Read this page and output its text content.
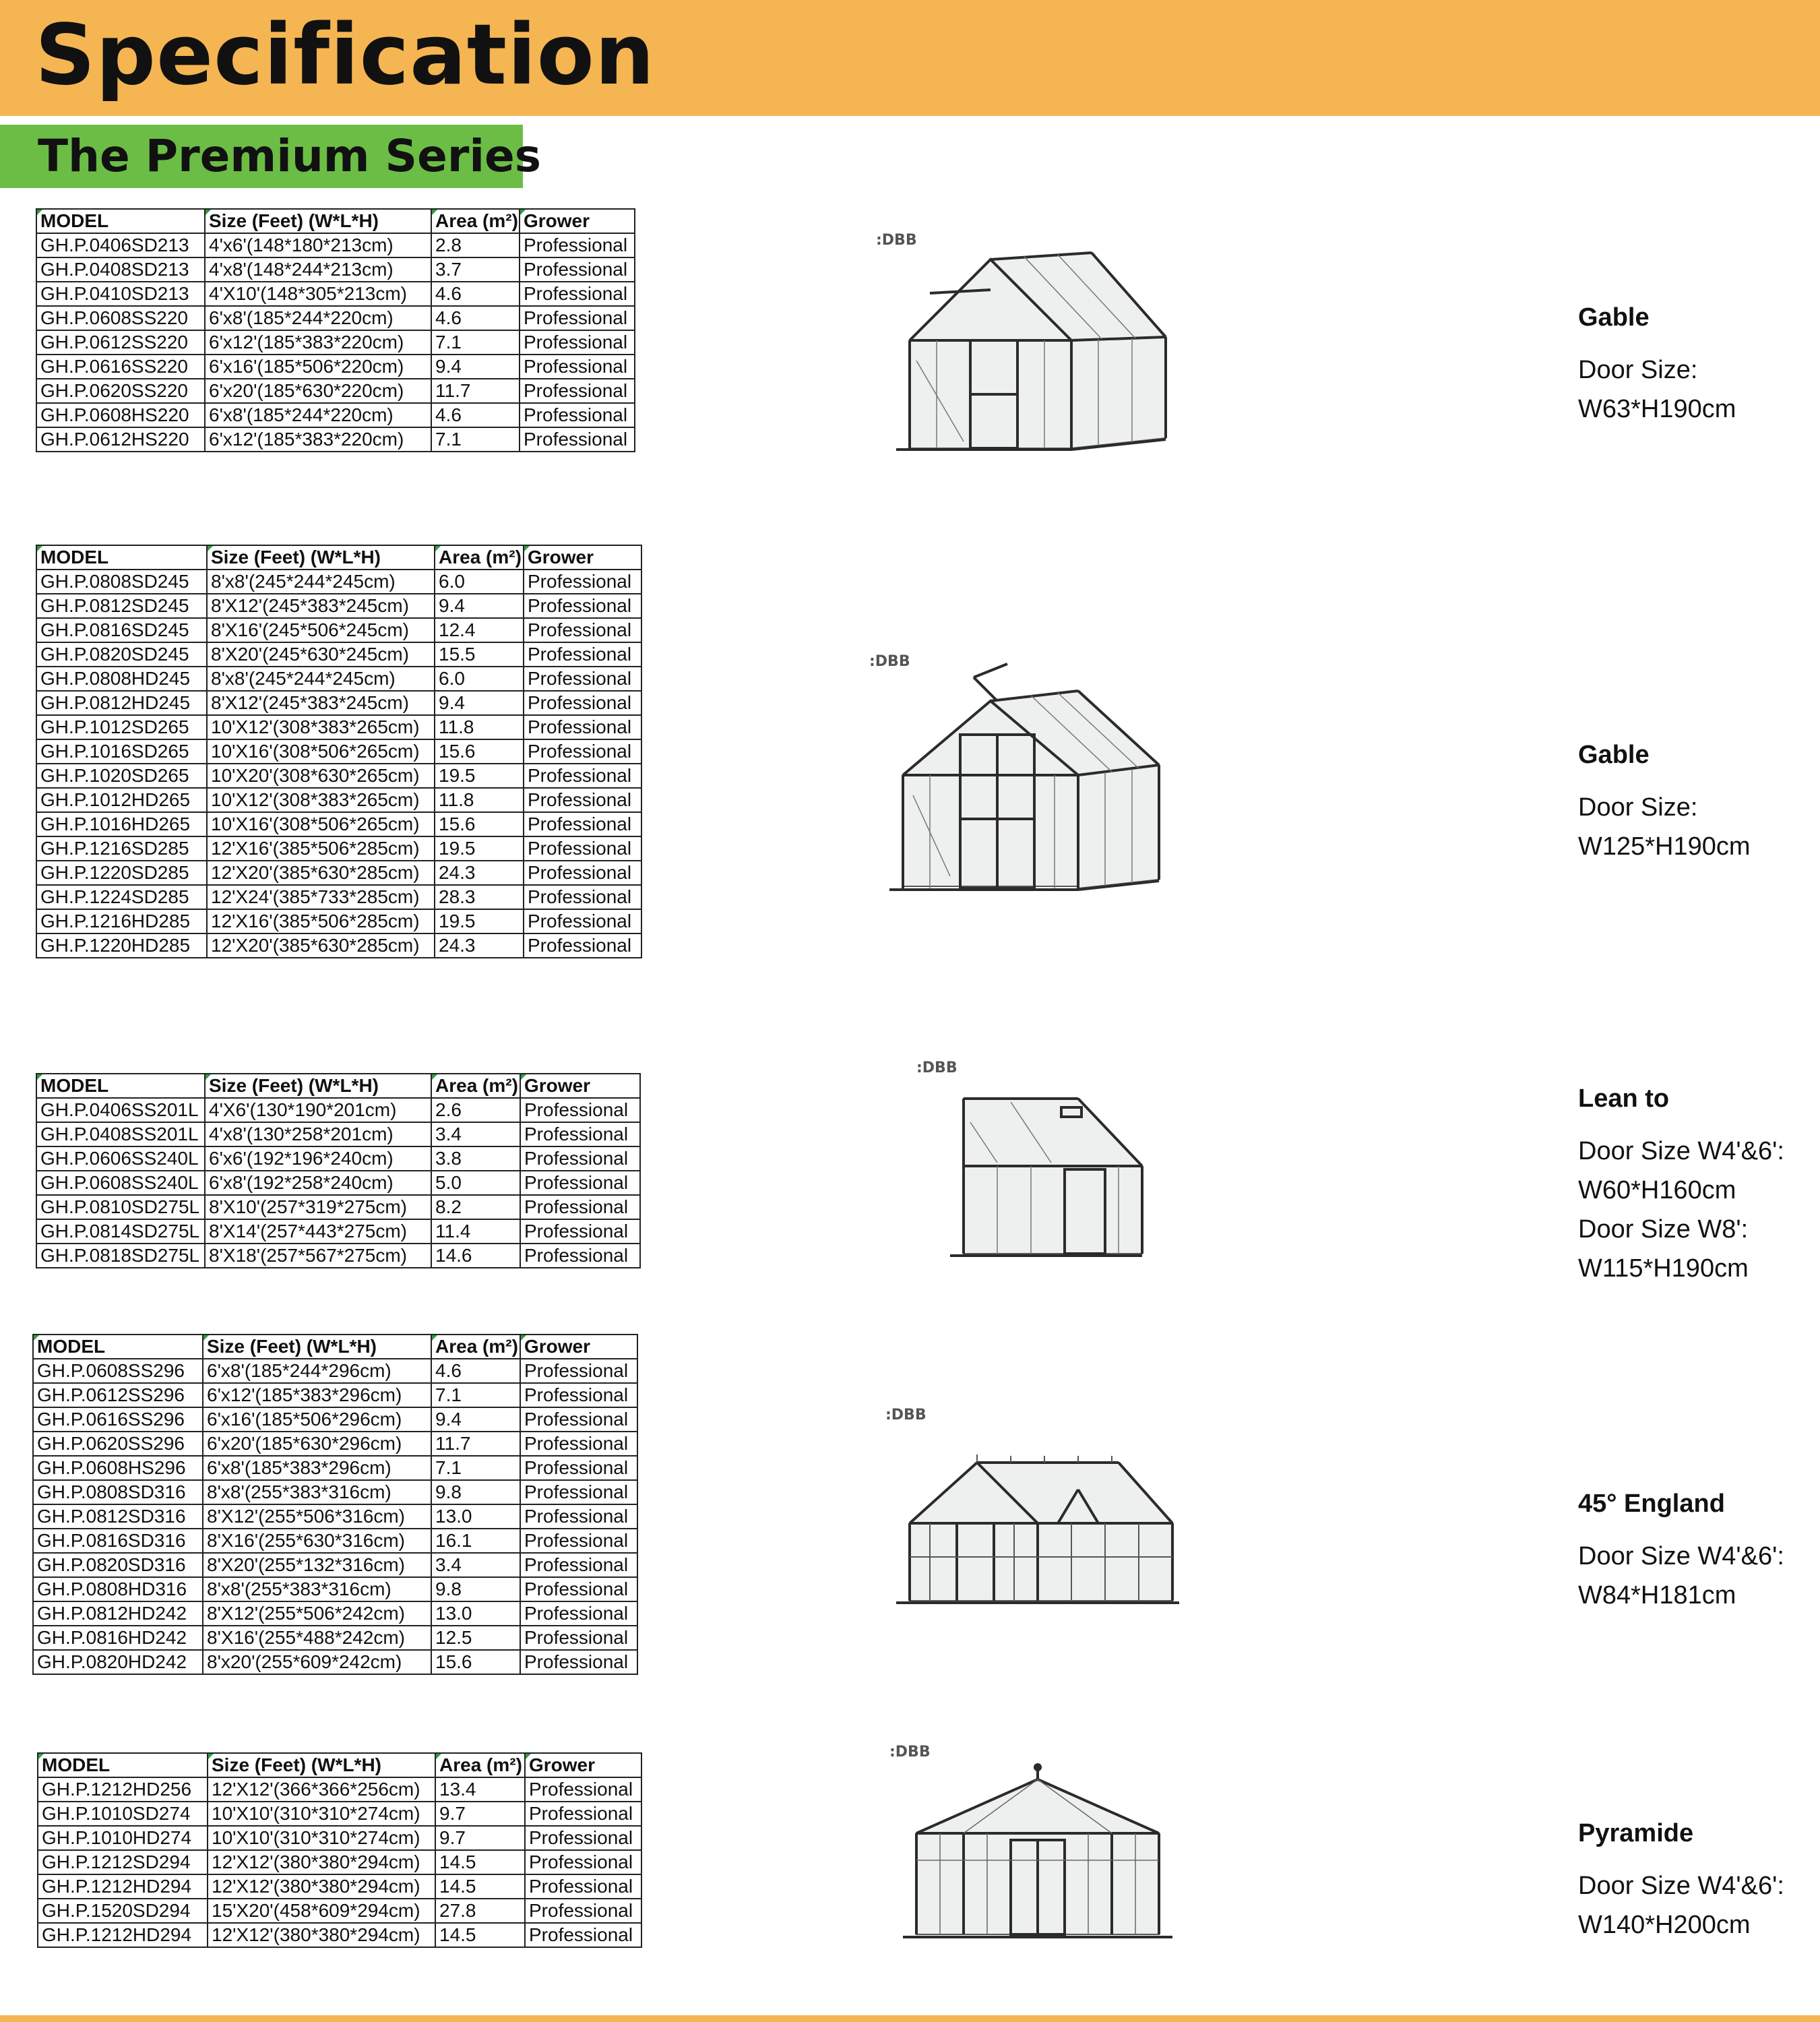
Specification
The Premium Series
MODEL	Size (Feet) (W*L*H)	Area (m²)	Grower

GH.P.0406SD213	4'x6'(148*180*213cm)	2.8	Professional
GH.P.0408SD213	4'x8'(148*244*213cm)	3.7	Professional
GH.P.0410SD213	4'X10'(148*305*213cm)	4.6	Professional
GH.P.0608SS220	6'x8'(185*244*220cm)	4.6	Professional
GH.P.0612SS220	6'x12'(185*383*220cm)	7.1	Professional
GH.P.0616SS220	6'x16'(185*506*220cm)	9.4	Professional
GH.P.0620SS220	6'x20'(185*630*220cm)	11.7	Professional
GH.P.0608HS220	6'x8'(185*244*220cm)	4.6	Professional
GH.P.0612HS220	6'x12'(185*383*220cm)	7.1	Professional
:DBB
Gable
Door Size:
W63*H190cm
MODEL	Size (Feet) (W*L*H)	Area (m²)	Grower

GH.P.0808SD245	8'x8'(245*244*245cm)	6.0	Professional
GH.P.0812SD245	8'X12'(245*383*245cm)	9.4	Professional
GH.P.0816SD245	8'X16'(245*506*245cm)	12.4	Professional
GH.P.0820SD245	8'X20'(245*630*245cm)	15.5	Professional
GH.P.0808HD245	8'x8'(245*244*245cm)	6.0	Professional
GH.P.0812HD245	8'X12'(245*383*245cm)	9.4	Professional
GH.P.1012SD265	10'X12'(308*383*265cm)	11.8	Professional
GH.P.1016SD265	10'X16'(308*506*265cm)	15.6	Professional
GH.P.1020SD265	10'X20'(308*630*265cm)	19.5	Professional
GH.P.1012HD265	10'X12'(308*383*265cm)	11.8	Professional
GH.P.1016HD265	10'X16'(308*506*265cm)	15.6	Professional
GH.P.1216SD285	12'X16'(385*506*285cm)	19.5	Professional
GH.P.1220SD285	12'X20'(385*630*285cm)	24.3	Professional
GH.P.1224SD285	12'X24'(385*733*285cm)	28.3	Professional
GH.P.1216HD285	12'X16'(385*506*285cm)	19.5	Professional
GH.P.1220HD285	12'X20'(385*630*285cm)	24.3	Professional
:DBB
Gable
Door Size:
W125*H190cm
MODEL	Size (Feet) (W*L*H)	Area (m²)	Grower

GH.P.0406SS201L	4'X6'(130*190*201cm)	2.6	Professional
GH.P.0408SS201L	4'x8'(130*258*201cm)	3.4	Professional
GH.P.0606SS240L	6'x6'(192*196*240cm)	3.8	Professional
GH.P.0608SS240L	6'x8'(192*258*240cm)	5.0	Professional
GH.P.0810SD275L	8'X10'(257*319*275cm)	8.2	Professional
GH.P.0814SD275L	8'X14'(257*443*275cm)	11.4	Professional
GH.P.0818SD275L	8'X18'(257*567*275cm)	14.6	Professional
:DBB
Lean to
Door Size W4'&6':
W60*H160cm
Door Size W8':
W115*H190cm
MODEL	Size (Feet) (W*L*H)	Area (m²)	Grower

GH.P.0608SS296	6'x8'(185*244*296cm)	4.6	Professional
GH.P.0612SS296	6'x12'(185*383*296cm)	7.1	Professional
GH.P.0616SS296	6'x16'(185*506*296cm)	9.4	Professional
GH.P.0620SS296	6'x20'(185*630*296cm)	11.7	Professional
GH.P.0608HS296	6'x8'(185*383*296cm)	7.1	Professional
GH.P.0808SD316	8'x8'(255*383*316cm)	9.8	Professional
GH.P.0812SD316	8'X12'(255*506*316cm)	13.0	Professional
GH.P.0816SD316	8'X16'(255*630*316cm)	16.1	Professional
GH.P.0820SD316	8'X20'(255*132*316cm)	3.4	Professional
GH.P.0808HD316	8'x8'(255*383*316cm)	9.8	Professional
GH.P.0812HD242	8'X12'(255*506*242cm)	13.0	Professional
GH.P.0816HD242	8'X16'(255*488*242cm)	12.5	Professional
GH.P.0820HD242	8'x20'(255*609*242cm)	15.6	Professional
:DBB
45° England
Door Size W4'&6':
W84*H181cm
MODEL	Size (Feet) (W*L*H)	Area (m²)	Grower

GH.P.1212HD256	12'X12'(366*366*256cm)	13.4	Professional
GH.P.1010SD274	10'X10'(310*310*274cm)	9.7	Professional
GH.P.1010HD274	10'X10'(310*310*274cm)	9.7	Professional
GH.P.1212SD294	12'X12'(380*380*294cm)	14.5	Professional
GH.P.1212HD294	12'X12'(380*380*294cm)	14.5	Professional
GH.P.1520SD294	15'X20'(458*609*294cm)	27.8	Professional
GH.P.1212HD294	12'X12'(380*380*294cm)	14.5	Professional
:DBB
Pyramide
Door Size W4'&6':
W140*H200cm
